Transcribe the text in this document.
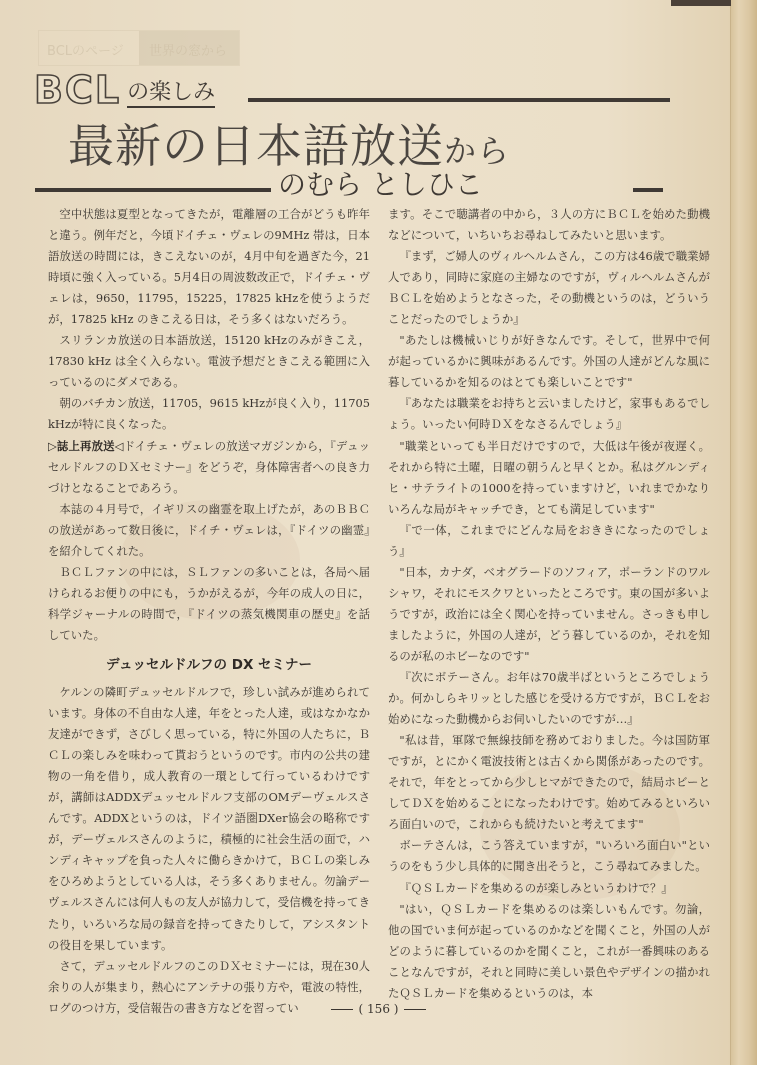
BCLのページ 世界の窓から
BCL の楽しみ
最新の日本語放送から
のむら としひこ

空中状態は夏型となってきたが，電離層の工合がどうも昨年と違う。例年だと，今頃ドイチェ・ヴェレの9MHz 帯は，日本語放送の時間には，きこえないのが，4月中旬を過ぎた今，21時頃に強く入っている。5月4日の周波数改正で，ドイチェ・ヴェレは，9650，11795，15225，17825 kHzを使うようだが，17825 kHz のきこえる日は，そう多くはないだろう。

スリランカ放送の日本語放送，15120 kHzのみがきこえ，17830 kHz は全く入らない。電波予想だときこえる範囲に入っているのにダメである。

朝のバチカン放送，11705，9615 kHzが良く入り，11705 kHzが特に良くなった。

▷誌上再放送◁ドイチェ・ヴェレの放送マガジンから，『デュッセルドルフのＤＸセミナー』をどうぞ，身体障害者への良き力づけとなることであろう。

本誌の４月号で，イギリスの幽霊を取上げたが，あのＢＢＣの放送があって数日後に，ドイチ・ヴェレは，『ドイツの幽霊』を紹介してくれた。

ＢＣＬファンの中には，ＳＬファンの多いことは，各局へ届けられるお便りの中にも，うかがえるが，今年の成人の日に，科学ジャーナルの時間で，『ドイツの蒸気機関車の歴史』を話していた。

デュッセルドルフの DX セミナー

ケルンの隣町デュッセルドルフで，珍しい試みが進められています。身体の不自由な人達，年をとった人達，或はなかなか友達ができず，さびしく思っている，特に外国の人たちに，ＢＣＬの楽しみを味わって貰おうというのです。市内の公共の建物の一角を借り，成人教育の一環として行っているわけですが，講師はADDXデュッセルドルフ支部のOMデーヴェルスさんです。ADDXというのは，ドイツ語圏DXer協会の略称ですが，デーヴェルスさんのように，積極的に社会生活の面で，ハンディキャップを負った人々に働らきかけて，ＢＣＬの楽しみをひろめようとしている人は，そう多くありません。勿論デーヴェルスさんには何人もの友人が協力して，受信機を持ってきたり，いろいろな局の録音を持ってきたりして，アシスタントの役目を果しています。

さて，デュッセルドルフのこのＤＸセミナーには，現在30人余りの人が集まり，熱心にアンテナの張り方や，電波の特性，ログのつけ方，受信報告の書き方などを習ってい

ます。そこで聴講者の中から，３人の方にＢＣＬを始めた動機などについて，いちいちお尋ねしてみたいと思います。

『まず，ご婦人のヴィルヘルムさん，この方は46歳で職業婦人であり，同時に家庭の主婦なのですが，ヴィルヘルムさんがＢＣＬを始めようとなさった，その動機というのは，どういうことだったのでしょうか』

"あたしは機械いじりが好きなんです。そして，世界中で何が起っているかに興味があるんです。外国の人達がどんな風に暮しているかを知るのはとても楽しいことです"

『あなたは職業をお持ちと云いましたけど，家事もあるでしょう。いったい何時ＤＸをなさるんでしょう』

"職業といっても半日だけですので，大低は午後が夜遅く。それから特に土曜，日曜の朝うんと早くとか。私はグルンディヒ・サテライトの1000を持っていますけど，いれまでかなりいろんな局がキャッチでき，とても満足しています"

『で一体，これまでにどんな局をおききになったのでしょう』

"日本，カナダ，ベオグラードのソフィア，ポーランドのワルシャワ，それにモスクワといったところです。東の国が多いようですが，政治には全く関心を持っていません。さっきも申しましたように，外国の人達が，どう暮しているのか，それを知るのが私のホビーなのです"

『次にボテーさん。お年は70歳半ばというところでしょうか。何かしらキリッとした感じを受ける方ですが，ＢＣＬをお始めになった動機からお伺いしたいのですが…』

"私は昔，軍隊で無線技師を務めておりました。今は国防軍ですが，とにかく電波技術とは古くから関係があったのです。それで，年をとってから少しヒマができたので，結局ホビーとしてＤＸを始めることになったわけです。始めてみるといろいろ面白いので，これからも続けたいと考えてます"

ボーテさんは，こう答えていますが，"いろいろ面白い"というのをもう少し具体的に聞き出そうと，こう尋ねてみました。

『ＱＳＬカードを集めるのが楽しみというわけで？』

"はい，ＱＳＬカードを集めるのは楽しいもんです。勿論，他の国でいま何が起っているのかなどを聞くこと，外国の人がどのように暮しているのかを聞くこと，これが一番興味のあることなんですが，それと同時に美しい景色やデザインの描かれたＱＳＬカードを集めるというのは，本

( 156 )
